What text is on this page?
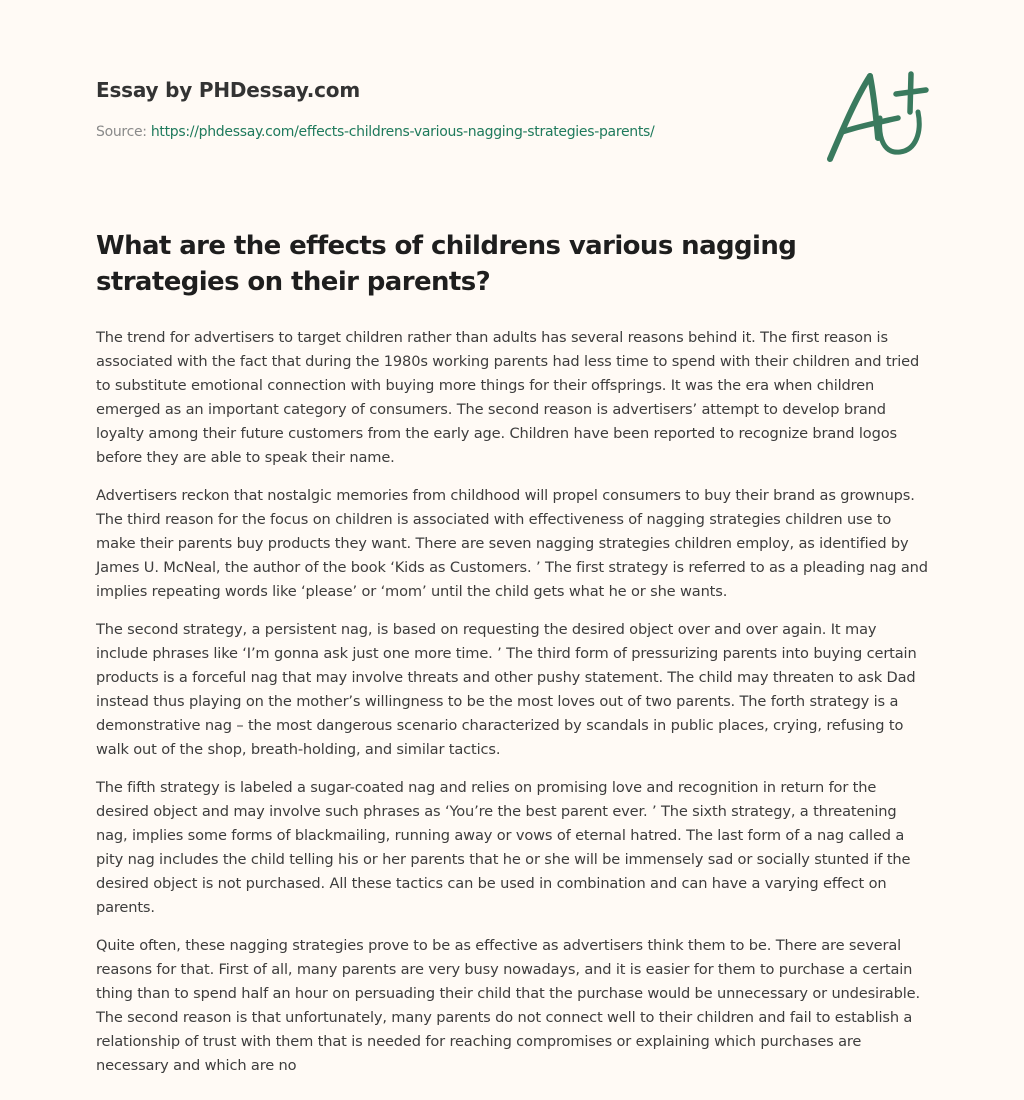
Essay by PHDessay.com
Source: https://phdessay.com/effects-childrens-various-nagging-strategies-parents/
What are the effects of childrens various nagging strategies on their parents?

The trend for advertisers to target children rather than adults has several reasons behind it. The first reason is associated with the fact that during the 1980s working parents had less time to spend with their children and tried to substitute emotional connection with buying more things for their offsprings. It was the era when children emerged as an important category of consumers. The second reason is advertisers’ attempt to develop brand loyalty among their future customers from the early age. Children have been reported to recognize brand logos before they are able to speak their name.

Advertisers reckon that nostalgic memories from childhood will propel consumers to buy their brand as grownups. The third reason for the focus on children is associated with effectiveness of nagging strategies children use to make their parents buy products they want. There are seven nagging strategies children employ, as identified by James U. McNeal, the author of the book ‘Kids as Customers. ’ The first strategy is referred to as a pleading nag and implies repeating words like ‘please’ or ‘mom’ until the child gets what he or she wants.

The second strategy, a persistent nag, is based on requesting the desired object over and over again. It may include phrases like ‘I’m gonna ask just one more time. ’ The third form of pressurizing parents into buying certain products is a forceful nag that may involve threats and other pushy statement. The child may threaten to ask Dad instead thus playing on the mother’s willingness to be the most loves out of two parents. The forth strategy is a demonstrative nag – the most dangerous scenario characterized by scandals in public places, crying, refusing to walk out of the shop, breath-holding, and similar tactics.

The fifth strategy is labeled a sugar-coated nag and relies on promising love and recognition in return for the desired object and may involve such phrases as ‘You’re the best parent ever. ’ The sixth strategy, a threatening nag, implies some forms of blackmailing, running away or vows of eternal hatred. The last form of a nag called a pity nag includes the child telling his or her parents that he or she will be immensely sad or socially stunted if the desired object is not purchased. All these tactics can be used in combination and can have a varying effect on parents.

Quite often, these nagging strategies prove to be as effective as advertisers think them to be. There are several reasons for that. First of all, many parents are very busy nowadays, and it is easier for them to purchase a certain thing than to spend half an hour on persuading their child that the purchase would be unnecessary or undesirable. The second reason is that unfortunately, many parents do not connect well to their children and fail to establish a relationship of trust with them that is needed for reaching compromises or explaining which purchases are necessary and which are no
